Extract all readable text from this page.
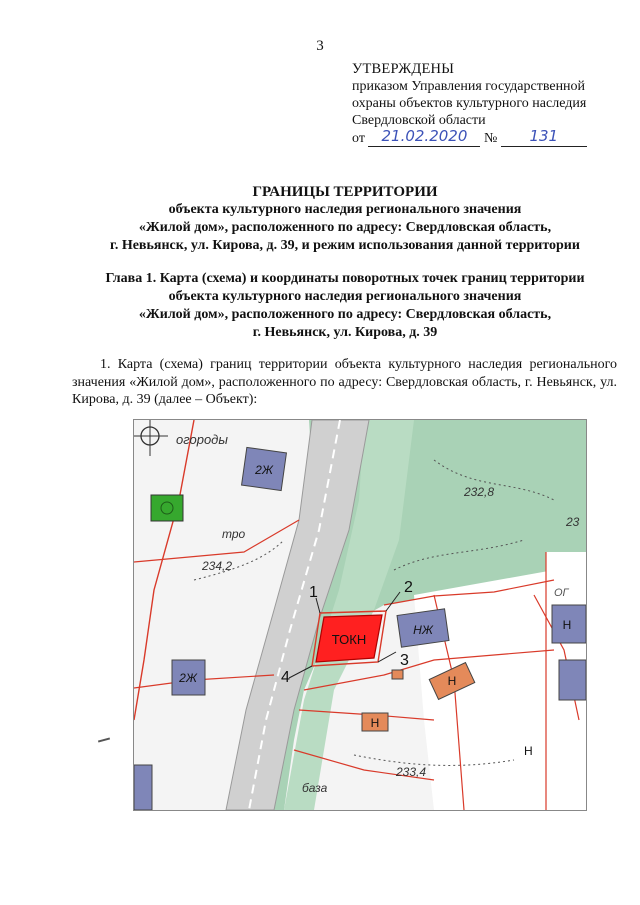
3
УТВЕРЖДЕНЫ
приказом Управления государственной
охраны объектов культурного наследия
Свердловской области
от 21.02.2020 № 131
ГРАНИЦЫ ТЕРРИТОРИИ
объекта культурного наследия регионального значения
«Жилой дом», расположенного по адресу: Свердловская область,
г. Невьянск, ул. Кирова, д. 39, и режим использования данной территории
Глава 1. Карта (схема) и координаты поворотных точек границ территории
объекта культурного наследия регионального значения
«Жилой дом», расположенного по адресу: Свердловская область,
г. Невьянск, ул. Кирова, д. 39
1. Карта (схема) границ территории объекта культурного наследия регионального значения «Жилой дом», расположенного по адресу: Свердловская область, г. Невьянск, ул. Кирова, д. 39 (далее – Объект):
2Ж
2Ж
НЖ	Н
Н
Н
ТОКН
1	2
3
4
огороды
тро
234,2
232,8
23
233,4
база
ОГ
Н
